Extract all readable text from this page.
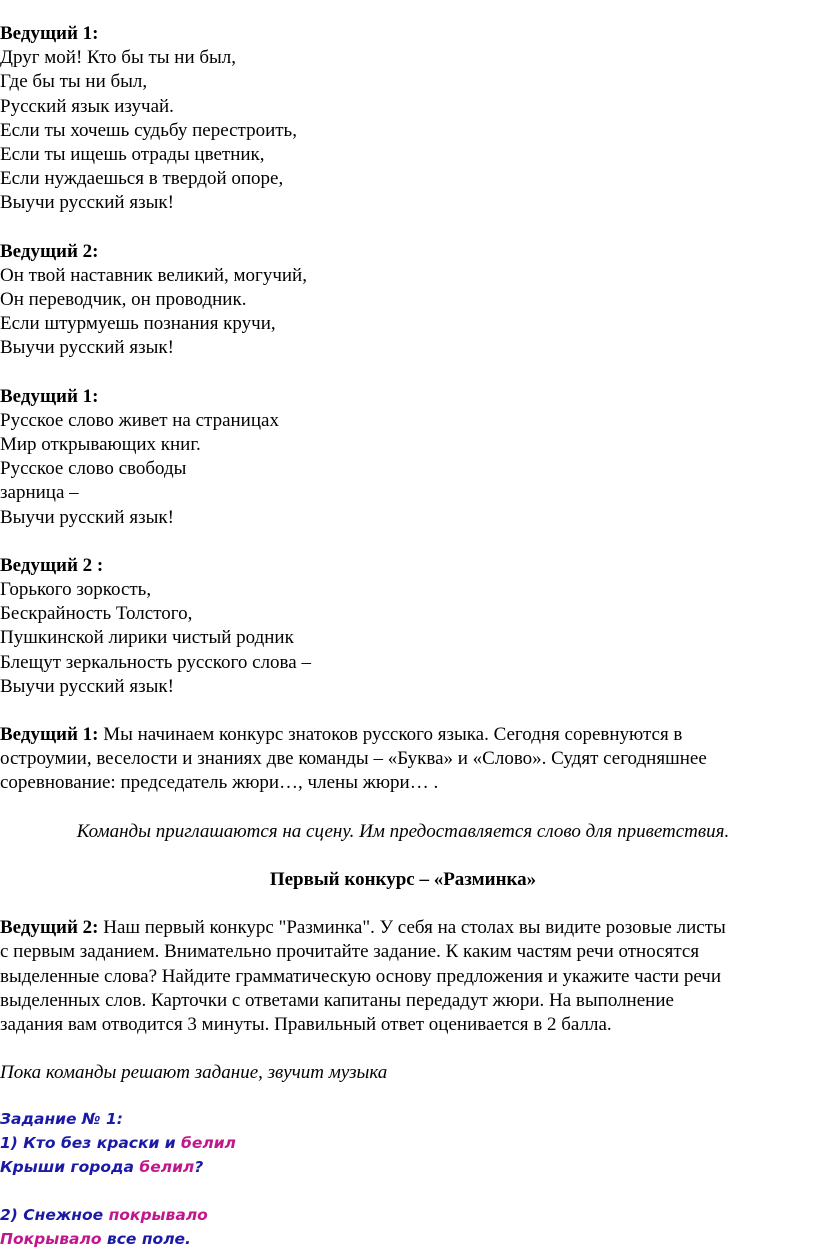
Ведущий 1:
Друг мой! Кто бы ты ни был,
Где бы ты ни был,
Русский язык изучай.
Если ты хочешь судьбу перестроить,
Если ты ищешь отрады цветник,
Если нуждаешься в твердой опоре,
Выучи русский язык!
Ведущий 2:
Он твой наставник великий, могучий,
Он переводчик, он проводник.
Если штурмуешь познания кручи,
Выучи русский язык!
Ведущий 1:
Русское слово живет на страницах
Мир открывающих книг.
Русское слово свободы
зарница –
Выучи русский язык!
Ведущий 2 :
Горького зоркость,
Бескрайность Толстого,
Пушкинской лирики чистый родник
Блещут зеркальность русского слова –
Выучи русский язык!
Ведущий 1: Мы начинаем конкурс знатоков русского языка. Сегодня соревнуются в
остроумии, веселости и знаниях две команды – «Буква» и «Слово». Судят сегодняшнее
соревнование: председатель жюри…, члены жюри… .
Команды приглашаются на сцену. Им предоставляется слово для приветствия.
Первый конкурс – «Разминка»
Ведущий 2: Наш первый конкурс "Разминка". У себя на столах вы видите розовые листы
с первым заданием. Внимательно прочитайте задание. К каким частям речи относятся
выделенные слова? Найдите грамматическую основу предложения и укажите части речи
выделенных слов. Карточки с ответами капитаны передадут жюри. На выполнение
задания вам отводится 3 минуты. Правильный ответ оценивается в 2 балла.
Пока команды решают задание, звучит музыка
Задание № 1:
1) Кто без краски и белил
Крыши города белил?
2) Снежное покрывало
Покрывало все поле.
